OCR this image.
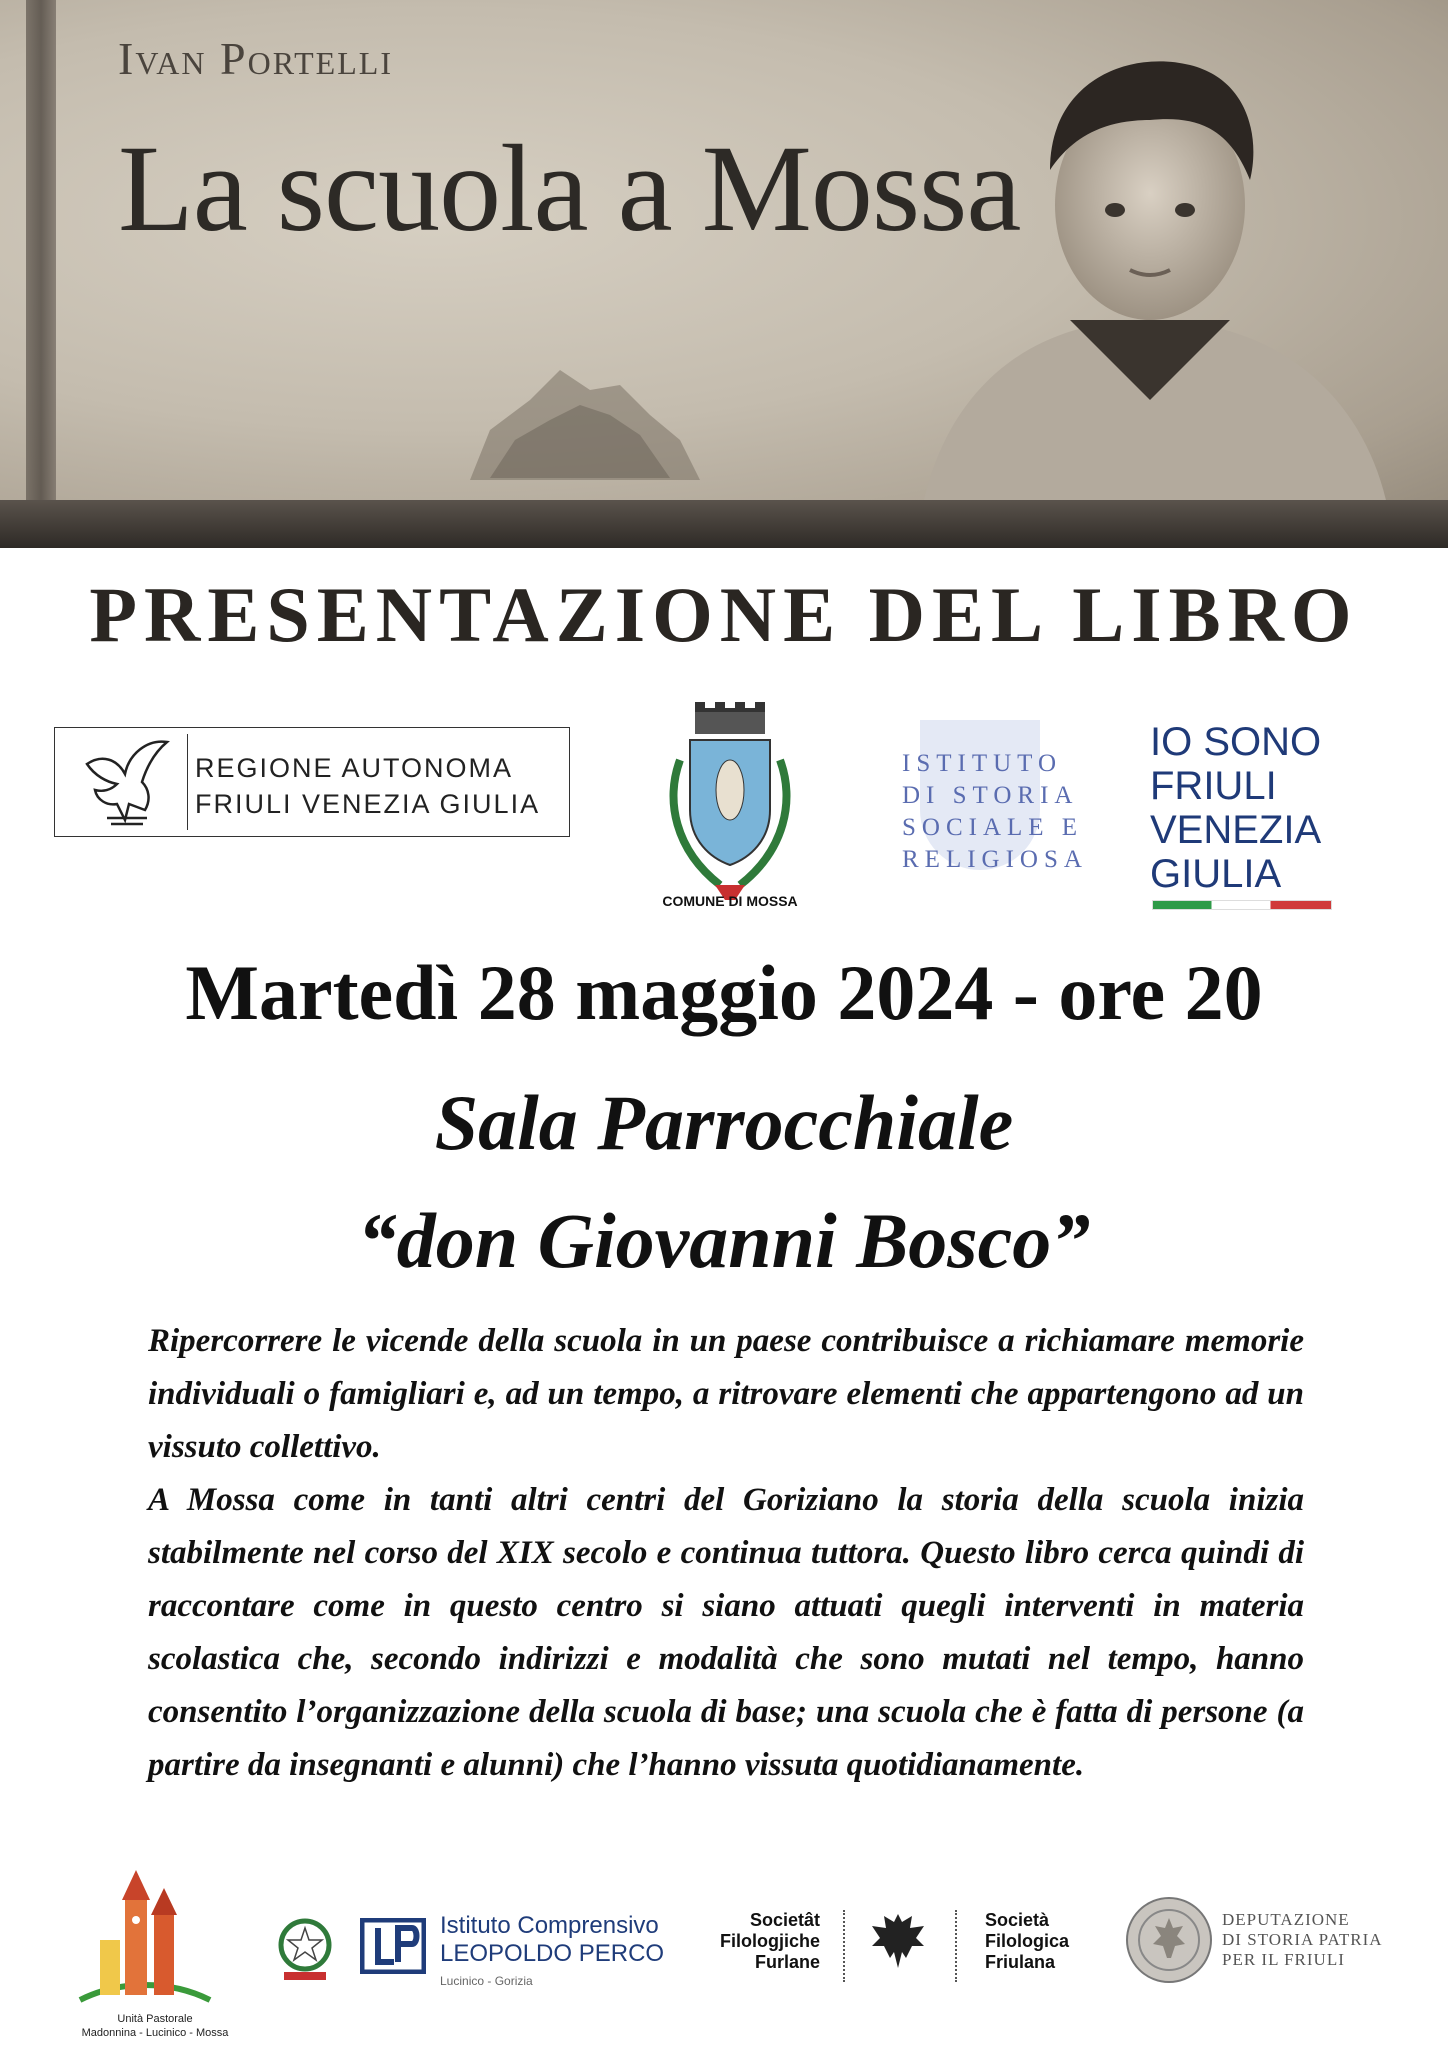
Ivan Portelli
La scuola a Mossa
PRESENTAZIONE DEL LIBRO
REGIONE AUTONOMA
FRIULI VENEZIA GIULIA
COMUNE DI MOSSA
ISTITUTO
DI STORIA
SOCIALE E
RELIGIOSA
IO SONO
FRIULI
VENEZIA
GIULIA
Martedì 28 maggio 2024 - ore 20
Sala Parrocchiale
“don Giovanni Bosco”

Ripercorrere le vicende della scuola in un paese contribuisce a richiamare memorie individuali o famigliari e, ad un tempo, a ritrovare elementi che appartengono ad un vissuto collettivo.

A Mossa come in tanti altri centri del Goriziano la storia della scuola inizia stabilmente nel corso del XIX secolo e continua tuttora. Questo libro cerca quindi di raccontare come in questo centro si siano attuati quegli interventi in materia scolastica che, secondo indirizzi e modalità che sono mutati nel tempo, hanno consentito l’organizzazione della scuola di base; una scuola che è fatta di persone (a partire da insegnanti e alunni) che l’hanno vissuta quotidianamente.

Unità Pastorale
Madonnina - Lucinico - Mossa
Istituto Comprensivo
LEOPOLDO PERCO
Lucinico - Gorizia
Societât
Filologjiche
Furlane
Società
Filologica
Friulana
DEPUTAZIONE
DI STORIA PATRIA
PER IL FRIULI
